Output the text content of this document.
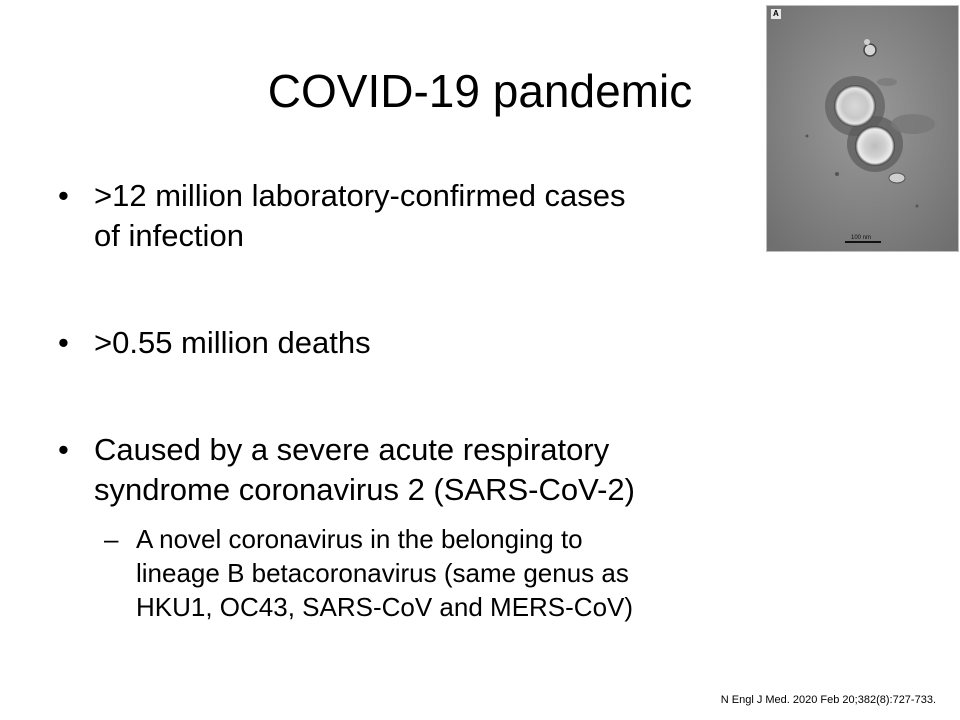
COVID-19 pandemic
• >12 million laboratory-confirmed cases
of infection
• >0.55 million deaths
• Caused by a severe acute respiratory
syndrome coronavirus 2 (SARS-CoV-2)
– A novel coronavirus in the belonging to
lineage B betacoronavirus (same genus as
HKU1, OC43, SARS-CoV and MERS-CoV)
A
100 nm
N Engl J Med. 2020 Feb 20;382(8):727-733.
